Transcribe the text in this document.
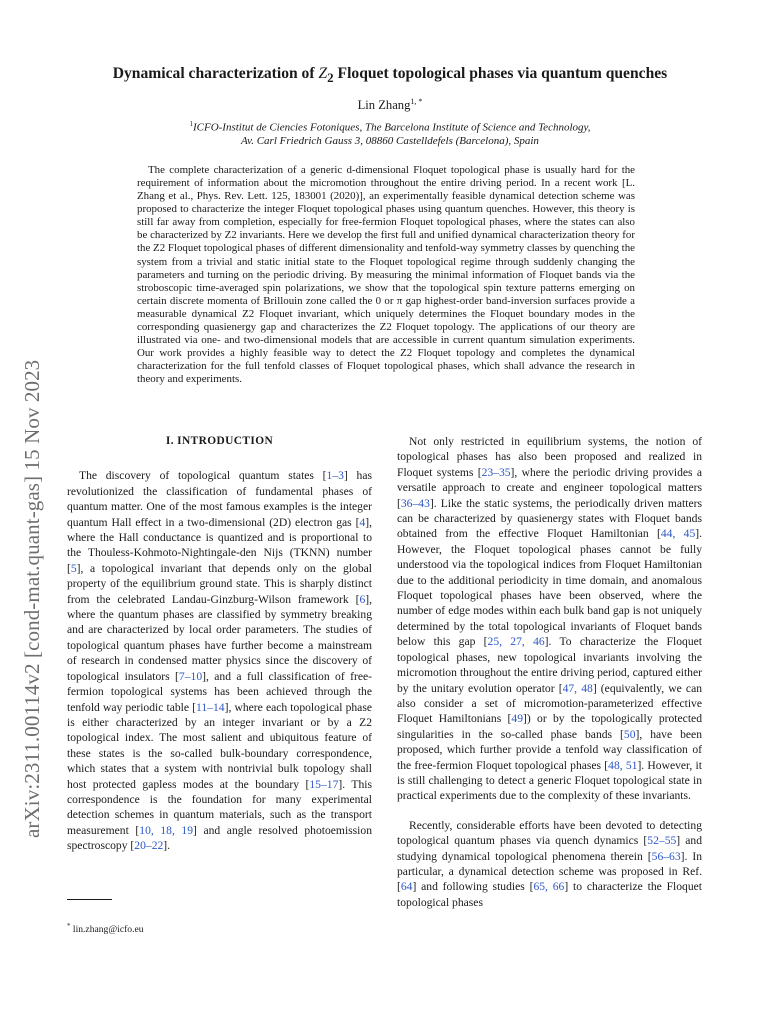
arXiv:2311.00114v2 [cond-mat.quant-gas] 15 Nov 2023
Dynamical characterization of $Z_2$ Floquet topological phases via quantum quenches
Lin Zhang$^{1, *}$
$^1$ICFO-Institut de Ciencies Fotoniques, The Barcelona Institute of Science and Technology,
Av. Carl Friedrich Gauss 3, 08860 Castelldefels (Barcelona), Spain

The complete characterization of a generic d-dimensional Floquet topological phase is usually hard for the requirement of information about the micromotion throughout the entire driving period. In a recent work [L. Zhang et al., Phys. Rev. Lett. 125, 183001 (2020)], an experimentally feasible dynamical detection scheme was proposed to characterize the integer Floquet topological phases using quantum quenches. However, this theory is still far away from completion, especially for free-fermion Floquet topological phases, where the states can also be characterized by Z2 invariants. Here we develop the first full and unified dynamical characterization theory for the Z2 Floquet topological phases of different dimensionality and tenfold-way symmetry classes by quenching the system from a trivial and static initial state to the Floquet topological regime through suddenly changing the parameters and turning on the periodic driving. By measuring the minimal information of Floquet bands via the stroboscopic time-averaged spin polarizations, we show that the topological spin texture patterns emerging on certain discrete momenta of Brillouin zone called the 0 or π gap highest-order band-inversion surfaces provide a measurable dynamical Z2 Floquet invariant, which uniquely determines the Floquet boundary modes in the corresponding quasienergy gap and characterizes the Z2 Floquet topology. The applications of our theory are illustrated via one- and two-dimensional models that are accessible in current quantum simulation experiments. Our work provides a highly feasible way to detect the Z2 Floquet topology and completes the dynamical characterization for the full tenfold classes of Floquet topological phases, which shall advance the research in theory and experiments.

I. INTRODUCTION

The discovery of topological quantum states [1–3] has revolutionized the classification of fundamental phases of quantum matter. One of the most famous examples is the integer quantum Hall effect in a two-dimensional (2D) electron gas [4], where the Hall conductance is quantized and is proportional to the Thouless-Kohmoto-Nightingale-den Nijs (TKNN) number [5], a topological invariant that depends only on the global property of the equilibrium ground state. This is sharply distinct from the celebrated Landau-Ginzburg-Wilson framework [6], where the quantum phases are classified by symmetry breaking and are characterized by local order parameters. The studies of topological quantum phases have further become a mainstream of research in condensed matter physics since the discovery of topological insulators [7–10], and a full classification of free-fermion topological systems has been achieved through the tenfold way periodic table [11–14], where each topological phase is either characterized by an integer invariant or by a Z2 topological index. The most salient and ubiquitous feature of these states is the so-called bulk-boundary correspondence, which states that a system with nontrivial bulk topology shall host protected gapless modes at the boundary [15–17]. This correspondence is the foundation for many experimental detection schemes in quantum materials, such as the transport measurement [10, 18, 19] and angle resolved photoemission spectroscopy [20–22].

Not only restricted in equilibrium systems, the notion of topological phases has also been proposed and realized in Floquet systems [23–35], where the periodic driving provides a versatile approach to create and engineer topological matters [36–43]. Like the static systems, the periodically driven matters can be characterized by quasienergy states with Floquet bands obtained from the effective Floquet Hamiltonian [44, 45]. However, the Floquet topological phases cannot be fully understood via the topological indices from Floquet Hamiltonian due to the additional periodicity in time domain, and anomalous Floquet topological phases have been observed, where the number of edge modes within each bulk band gap is not uniquely determined by the total topological invariants of Floquet bands below this gap [25, 27, 46]. To characterize the Floquet topological phases, new topological invariants involving the micromotion throughout the entire driving period, captured either by the unitary evolution operator [47, 48] (equivalently, we can also consider a set of micromotion-parameterized effective Floquet Hamiltonians [49]) or by the topologically protected singularities in the so-called phase bands [50], have been proposed, which further provide a tenfold way classification of the free-fermion Floquet topological phases [48, 51]. However, it is still challenging to detect a generic Floquet topological state in practical experiments due to the complexity of these invariants.

Recently, considerable efforts have been devoted to detecting topological quantum phases via quench dynamics [52–55] and studying dynamical topological phenomena therein [56–63]. In particular, a dynamical detection scheme was proposed in Ref. [64] and following studies [65, 66] to characterize the Floquet topological phases

* lin.zhang@icfo.eu
